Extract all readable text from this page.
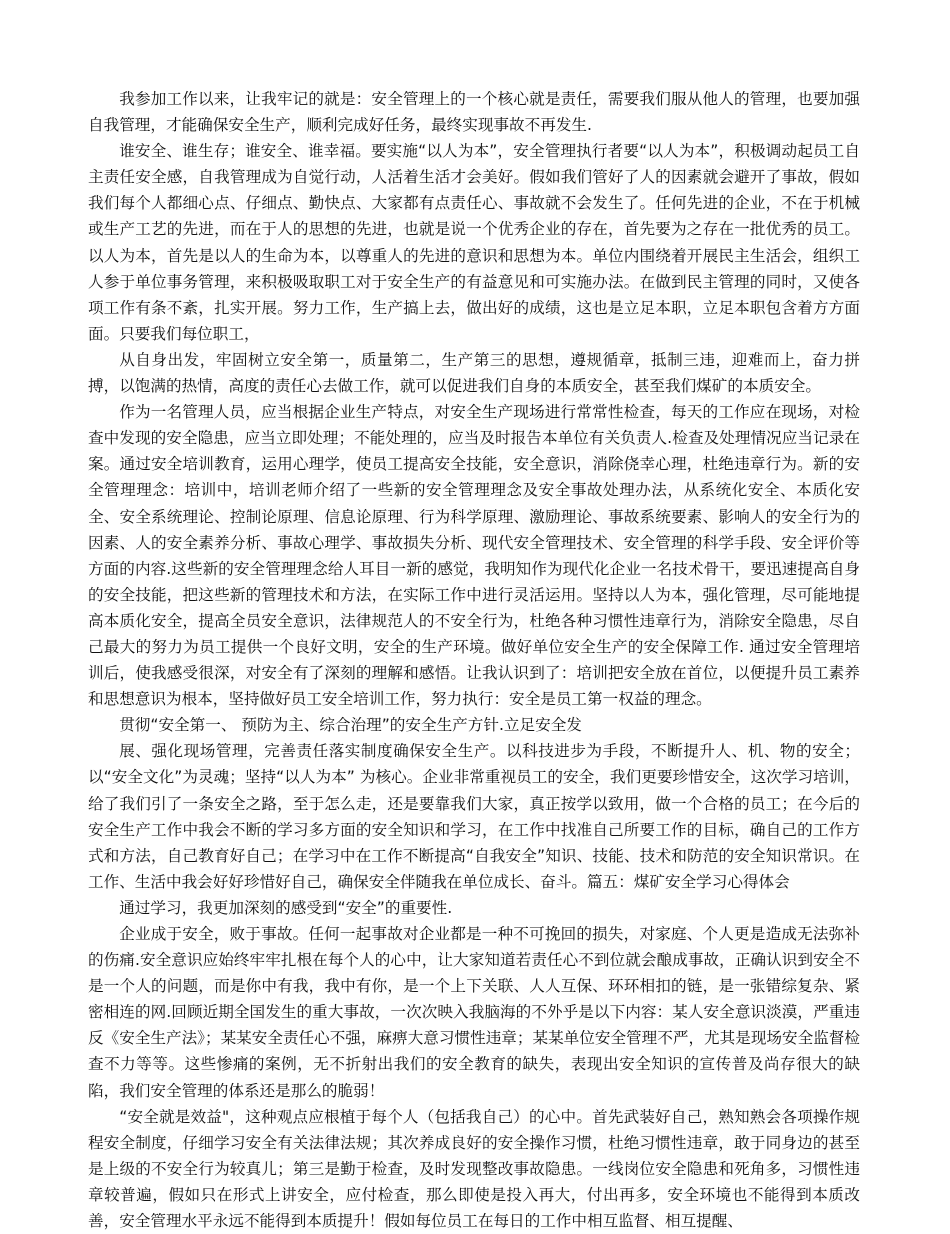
我参加工作以来，让我牢记的就是：安全管理上的一个核心就是责任，需要我们服从他人的管理，也要加强自我管理，才能确保安全生产，顺利完成好任务，最终实现事故不再发生.

谁安全、谁生存；谁安全、谁幸福。要实施“以人为本”，安全管理执行者要“以人为本”，积极调动起员工自主责任安全感，自我管理成为自觉行动，人活着生活才会美好。假如我们管好了人的因素就会避开了事故，假如我们每个人都细心点、仔细点、勤快点、大家都有点责任心、事故就不会发生了。任何先进的企业，不在于机械或生产工艺的先进，而在于人的思想的先进，也就是说一个优秀企业的存在，首先要为之存在一批优秀的员工。以人为本，首先是以人的生命为本，以尊重人的先进的意识和思想为本。单位内围绕着开展民主生活会，组织工人参于单位事务管理，来积极吸取职工对于安全生产的有益意见和可实施办法。在做到民主管理的同时，又使各项工作有条不紊，扎实开展。努力工作，生产搞上去，做出好的成绩，这也是立足本职，立足本职包含着方方面面。只要我们每位职工，

从自身出发，牢固树立安全第一，质量第二，生产第三的思想，遵规循章，抵制三违，迎难而上，奋力拼搏，以饱满的热情，高度的责任心去做工作，就可以促进我们自身的本质安全，甚至我们煤矿的本质安全。

作为一名管理人员，应当根据企业生产特点，对安全生产现场进行常常性检查，每天的工作应在现场，对检查中发现的安全隐患，应当立即处理；不能处理的，应当及时报告本单位有关负责人.检查及处理情况应当记录在案。通过安全培训教育，运用心理学，使员工提高安全技能，安全意识，消除侥幸心理，杜绝违章行为。新的安全管理理念：培训中，培训老师介绍了一些新的安全管理理念及安全事故处理办法，从系统化安全、本质化安全、安全系统理论、控制论原理、信息论原理、行为科学原理、激励理论、事故系统要素、影响人的安全行为的因素、人的安全素养分析、事故心理学、事故损失分析、现代安全管理技术、安全管理的科学手段、安全评价等方面的内容.这些新的安全管理理念给人耳目一新的感觉，我明知作为现代化企业一名技术骨干，要迅速提高自身的安全技能，把这些新的管理技术和方法，在实际工作中进行灵活运用。坚持以人为本，强化管理，尽可能地提高本质化安全，提高全员安全意识，法律规范人的不安全行为，杜绝各种习惯性违章行为，消除安全隐患，尽自己最大的努力为员工提供一个良好文明，安全的生产环境。做好单位安全生产的安全保障工作. 通过安全管理培训后，使我感受很深，对安全有了深刻的理解和感悟。让我认识到了：培训把安全放在首位，以便提升员工素养和思想意识为根本，坚持做好员工安全培训工作，努力执行：安全是员工第一权益的理念。

贯彻“安全第一、 预防为主、综合治理”的安全生产方针.立足安全发

展、强化现场管理，完善责任落实制度确保安全生产。以科技进步为手段，不断提升人、机、物的安全；以“安全文化”为灵魂；坚持“以人为本” 为核心。企业非常重视员工的安全，我们更要珍惜安全，这次学习培训，给了我们引了一条安全之路，至于怎么走，还是要靠我们大家，真正按学以致用，做一个合格的员工；在今后的安全生产工作中我会不断的学习多方面的安全知识和学习，在工作中找准自己所要工作的目标，确自己的工作方式和方法，自己教育好自己；在学习中在工作不断提高“自我安全”知识、技能、技术和防范的安全知识常识。在工作、生活中我会好好珍惜好自己，确保安全伴随我在单位成长、奋斗。篇五：煤矿安全学习心得体会

通过学习，我更加深刻的感受到“安全”的重要性.

企业成于安全，败于事故。任何一起事故对企业都是一种不可挽回的损失，对家庭、个人更是造成无法弥补的伤痛.安全意识应始终牢牢扎根在每个人的心中，让大家知道若责任心不到位就会酿成事故，正确认识到安全不是一个人的问题，而是你中有我，我中有你，是一个上下关联、人人互保、环环相扣的链，是一张错综复杂、紧密相连的网.回顾近期全国发生的重大事故，一次次映入我脑海的不外乎是以下内容：某人安全意识淡漠，严重违反《安全生产法》；某某安全责任心不强，麻痹大意习惯性违章；某某单位安全管理不严，尤其是现场安全监督检查不力等等。这些惨痛的案例，无不折射出我们的安全教育的缺失，表现出安全知识的宣传普及尚存很大的缺陷，我们安全管理的体系还是那么的脆弱！

“安全就是效益"，这种观点应根植于每个人（包括我自己）的心中。首先武装好自己，熟知熟会各项操作规程安全制度，仔细学习安全有关法律法规；其次养成良好的安全操作习惯，杜绝习惯性违章，敢于同身边的甚至是上级的不安全行为较真儿；第三是勤于检查，及时发现整改事故隐患。一线岗位安全隐患和死角多，习惯性违章较普遍，假如只在形式上讲安全，应付检查，那么即使是投入再大，付出再多，安全环境也不能得到本质改善，安全管理水平永远不能得到本质提升！假如每位员工在每日的工作中相互监督、相互提醒、
